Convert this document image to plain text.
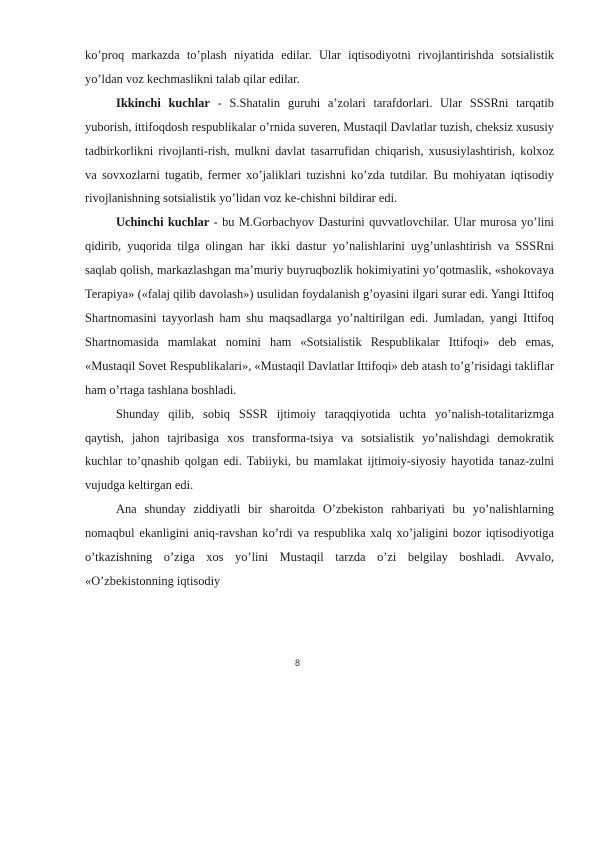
ko’proq markazda to’plash niyatida edilar. Ular iqtisodiyotni rivojlantirishda sotsialistik yo’ldan voz kechmaslikni talab qilar edilar.

Ikkinchi kuchlar - S.Shatalin guruhi a’zolari tarafdorlari. Ular SSSRni tarqatib yuborish, ittifoqdosh respublikalar o’rnida suveren, Mustaqil Davlatlar tuzish, cheksiz xususiy tadbirkorlikni rivojlanti-rish, mulkni davlat tasarrufidan chiqarish, xususiylashtirish, kolxoz va sovxozlarni tugatib, fermer xo’jaliklari tuzishni ko’zda tutdilar. Bu mohiyatan iqtisodiy rivojlanishning sotsialistik yo’lidan voz ke-chishni bildirar edi.

Uchinchi kuchlar - bu M.Gorbachyov Dasturini quvvatlovchilar. Ular murosa yo’lini qidirib, yuqorida tilga olingan har ikki dastur yo’nalishlarini uyg’unlashtirish va SSSRni saqlab qolish, markazlashgan ma’muriy buyruqbozlik hokimiyatini yo’qotmaslik, «shokovaya Terapiya» («falaj qilib davolash») usulidan foydalanish g’oyasini ilgari surar edi. Yangi Ittifoq Shartnomasini tayyorlash ham shu maqsadlarga yo’naltirilgan edi. Jumladan, yangi Ittifoq Shartnomasida mamlakat nomini ham «Sotsialistik Respublikalar Ittifoqi» deb emas, «Mustaqil Sovet Respublikalari», «Mustaqil Davlatlar Ittifoqi» deb atash to’g’risidagi takliflar ham o’rtaga tashlana boshladi.

Shunday qilib, sobiq SSSR ijtimoiy taraqqiyotida uchta yo’nalish-totalitarizmga qaytish, jahon tajribasiga xos transforma-tsiya va sotsialistik yo’nalishdagi demokratik kuchlar to’qnashib qolgan edi. Tabiiyki, bu mamlakat ijtimoiy-siyosiy hayotida tanaz-zulni vujudga keltirgan edi.

Ana shunday ziddiyatli bir sharoitda O’zbekiston rahbariyati bu yo’nalishlarning nomaqbul ekanligini aniq-ravshan ko’rdi va respublika xalq xo’jaligini bozor iqtisodiyotiga o’tkazishning o’ziga xos yo’lini Mustaqil tarzda o’zi belgilay boshladi. Avvalo, «O’zbekistonning iqtisodiy

8
